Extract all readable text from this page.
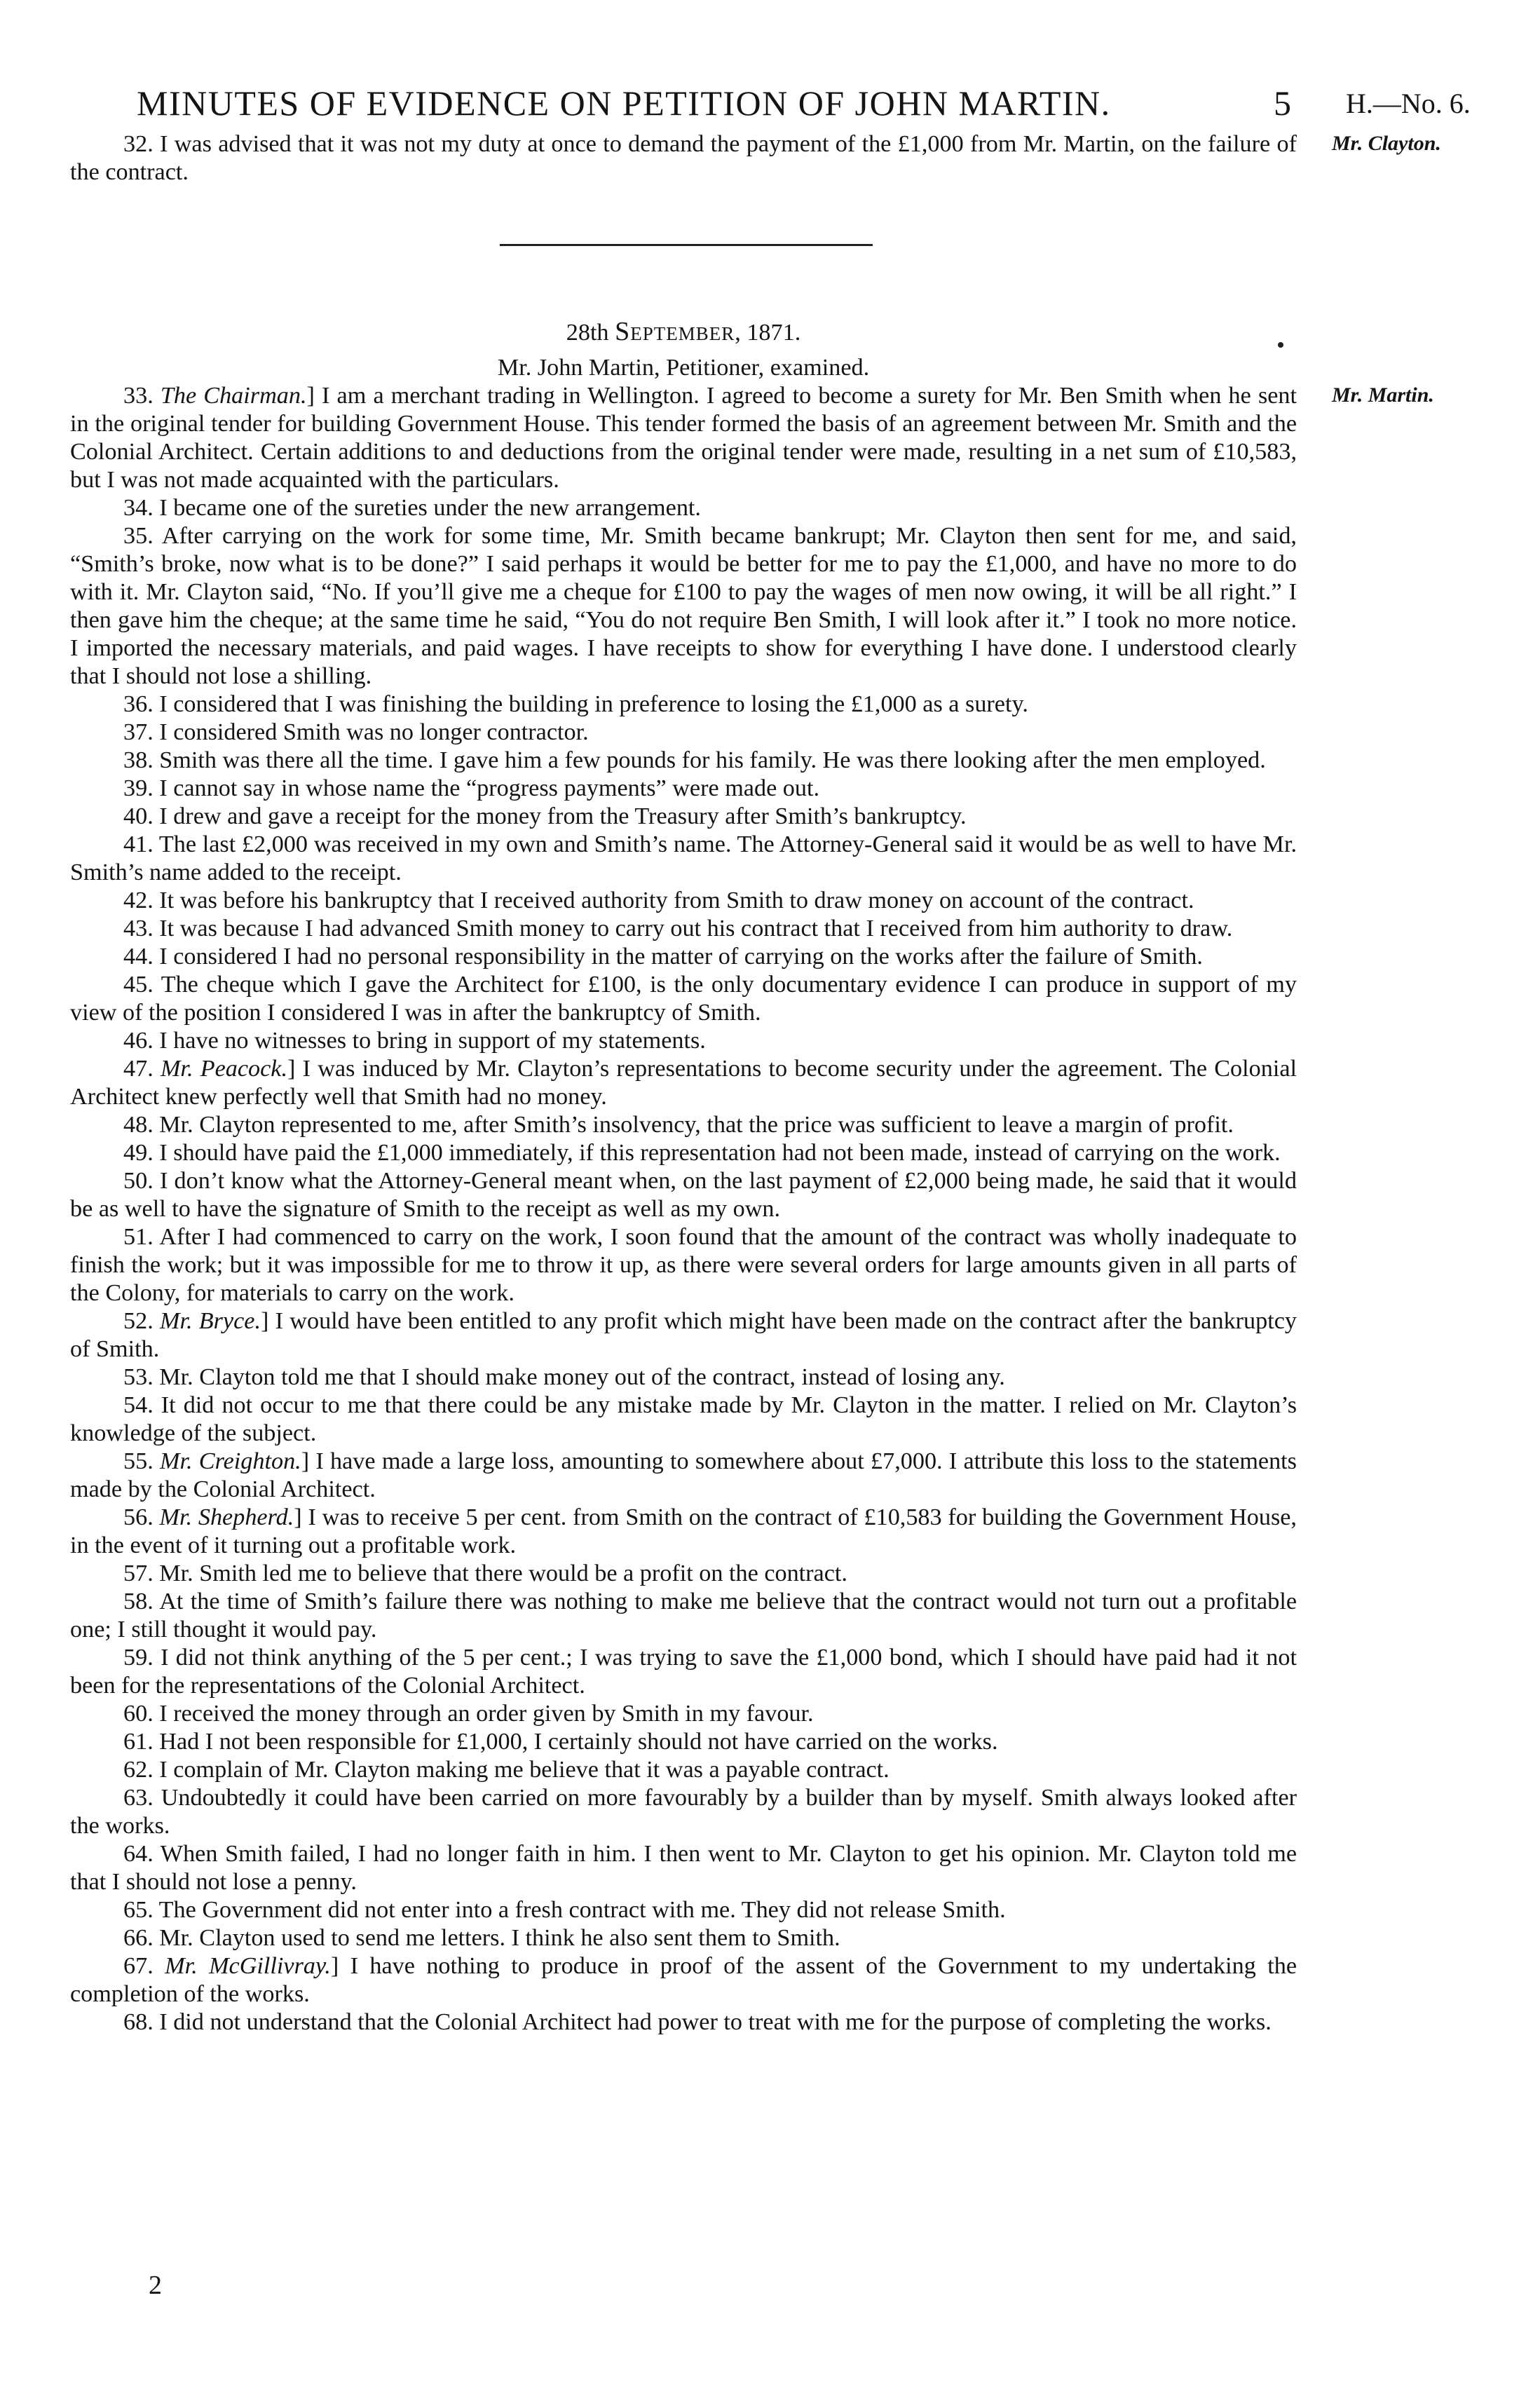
MINUTES OF EVIDENCE ON PETITION OF JOHN MARTIN.	5 H.—No. 6.
Mr. Clayton.

32. I was advised that it was not my duty at once to demand the payment of the £1,000 from Mr. Martin, on the failure of the contract.

28th September, 1871.
Mr. John Martin, Petitioner, examined.
Mr. Martin.

33. The Chairman.] I am a merchant trading in Wellington. I agreed to become a surety for Mr. Ben Smith when he sent in the original tender for building Government House. This tender formed the basis of an agreement between Mr. Smith and the Colonial Architect. Certain additions to and deductions from the original tender were made, resulting in a net sum of £10,583, but I was not made acquainted with the particulars.

34. I became one of the sureties under the new arrangement.

35. After carrying on the work for some time, Mr. Smith became bankrupt; Mr. Clayton then sent for me, and said, “Smith’s broke, now what is to be done?” I said perhaps it would be better for me to pay the £1,000, and have no more to do with it. Mr. Clayton said, “No. If you’ll give me a cheque for £100 to pay the wages of men now owing, it will be all right.” I then gave him the cheque; at the same time he said, “You do not require Ben Smith, I will look after it.” I took no more notice. I imported the necessary materials, and paid wages. I have receipts to show for everything I have done. I understood clearly that I should not lose a shilling.

36. I considered that I was finishing the building in preference to losing the £1,000 as a surety.

37. I considered Smith was no longer contractor.

38. Smith was there all the time. I gave him a few pounds for his family. He was there looking after the men employed.

39. I cannot say in whose name the “progress payments” were made out.

40. I drew and gave a receipt for the money from the Treasury after Smith’s bankruptcy.

41. The last £2,000 was received in my own and Smith’s name. The Attorney-General said it would be as well to have Mr. Smith’s name added to the receipt.

42. It was before his bankruptcy that I received authority from Smith to draw money on account of the contract.

43. It was because I had advanced Smith money to carry out his contract that I received from him authority to draw.

44. I considered I had no personal responsibility in the matter of carrying on the works after the failure of Smith.

45. The cheque which I gave the Architect for £100, is the only documentary evidence I can produce in support of my view of the position I considered I was in after the bankruptcy of Smith.

46. I have no witnesses to bring in support of my statements.

47. Mr. Peacock.] I was induced by Mr. Clayton’s representations to become security under the agreement. The Colonial Architect knew perfectly well that Smith had no money.

48. Mr. Clayton represented to me, after Smith’s insolvency, that the price was sufficient to leave a margin of profit.

49. I should have paid the £1,000 immediately, if this representation had not been made, instead of carrying on the work.

50. I don’t know what the Attorney-General meant when, on the last payment of £2,000 being made, he said that it would be as well to have the signature of Smith to the receipt as well as my own.

51. After I had commenced to carry on the work, I soon found that the amount of the contract was wholly inadequate to finish the work; but it was impossible for me to throw it up, as there were several orders for large amounts given in all parts of the Colony, for materials to carry on the work.

52. Mr. Bryce.] I would have been entitled to any profit which might have been made on the contract after the bankruptcy of Smith.

53. Mr. Clayton told me that I should make money out of the contract, instead of losing any.

54. It did not occur to me that there could be any mistake made by Mr. Clayton in the matter. I relied on Mr. Clayton’s knowledge of the subject.

55. Mr. Creighton.] I have made a large loss, amounting to somewhere about £7,000. I attribute this loss to the statements made by the Colonial Architect.

56. Mr. Shepherd.] I was to receive 5 per cent. from Smith on the contract of £10,583 for building the Government House, in the event of it turning out a profitable work.

57. Mr. Smith led me to believe that there would be a profit on the contract.

58. At the time of Smith’s failure there was nothing to make me believe that the contract would not turn out a profitable one; I still thought it would pay.

59. I did not think anything of the 5 per cent.; I was trying to save the £1,000 bond, which I should have paid had it not been for the representations of the Colonial Architect.

60. I received the money through an order given by Smith in my favour.

61. Had I not been responsible for £1,000, I certainly should not have carried on the works.

62. I complain of Mr. Clayton making me believe that it was a payable contract.

63. Undoubtedly it could have been carried on more favourably by a builder than by myself. Smith always looked after the works.

64. When Smith failed, I had no longer faith in him. I then went to Mr. Clayton to get his opinion. Mr. Clayton told me that I should not lose a penny.

65. The Government did not enter into a fresh contract with me. They did not release Smith.

66. Mr. Clayton used to send me letters. I think he also sent them to Smith.

67. Mr. McGillivray.] I have nothing to produce in proof of the assent of the Government to my undertaking the completion of the works.

68. I did not understand that the Colonial Architect had power to treat with me for the purpose of completing the works.

2
